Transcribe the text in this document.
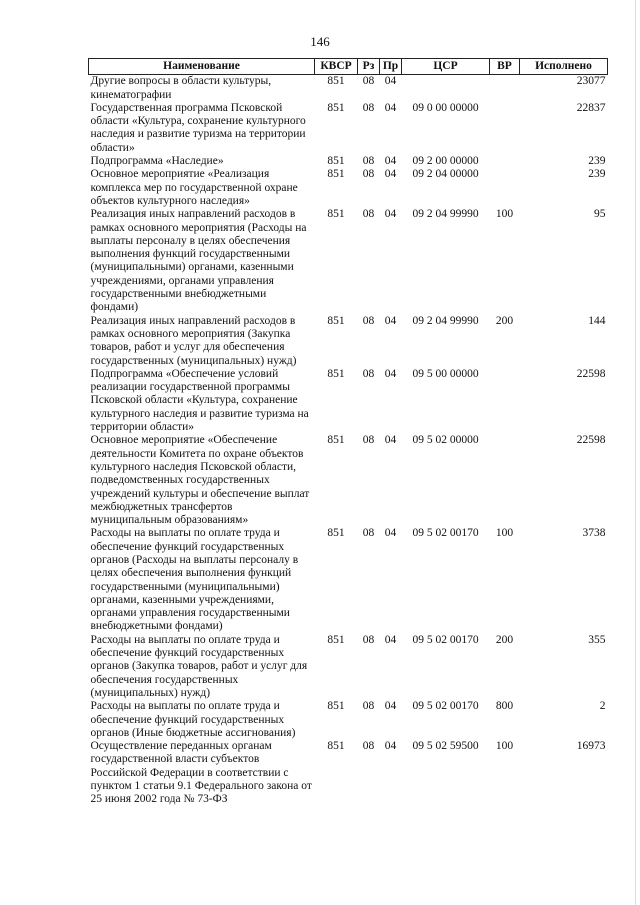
146
Наименование	КВСР	Рз	Пр	ЦСР	ВР	Исполнено
Другие вопросы в области культуры, кинематографии	851	08	04			23077
Государственная программа Псковской области «Культура, сохранение культурного наследия и развитие туризма на территории области»	851	08	04	09 0 00 00000		22837
Подпрограмма «Наследие»	851	08	04	09 2 00 00000		239
Основное мероприятие «Реализация комплекса мер по государственной охране объектов культурного наследия»	851	08	04	09 2 04 00000		239
Реализация иных направлений расходов в рамках основного мероприятия (Расходы на выплаты персоналу в целях обеспечения выполнения функций государственными (муниципальными) органами, казенными учреждениями, органами управления государственными внебюджетными фондами)	851	08	04	09 2 04 99990	100	95
Реализация иных направлений расходов в рамках основного мероприятия (Закупка товаров, работ и услуг для обеспечения государственных (муниципальных) нужд)	851	08	04	09 2 04 99990	200	144
Подпрограмма «Обеспечение условий реализации государственной программы Псковской области «Культура, сохранение культурного наследия и развитие туризма на территории области»	851	08	04	09 5 00 00000		22598
Основное мероприятие «Обеспечение деятельности Комитета по охране объектов культурного наследия Псковской области, подведомственных государственных учреждений культуры и обеспечение выплат межбюджетных трансфертов муниципальным образованиям»	851	08	04	09 5 02 00000		22598
Расходы на выплаты по оплате труда и обеспечение функций государственных органов (Расходы на выплаты персоналу в целях обеспечения выполнения функций государственными (муниципальными) органами, казенными учреждениями, органами управления государственными внебюджетными фондами)	851	08	04	09 5 02 00170	100	3738
Расходы на выплаты по оплате труда и обеспечение функций государственных органов (Закупка товаров, работ и услуг для обеспечения государственных (муниципальных) нужд)	851	08	04	09 5 02 00170	200	355
Расходы на выплаты по оплате труда и обеспечение функций государственных органов (Иные бюджетные ассигнования)	851	08	04	09 5 02 00170	800	2
Осуществление переданных органам государственной власти субъектов Российской Федерации в соответствии с пунктом 1 статьи 9.1 Федерального закона от 25 июня 2002 года № 73-ФЗ	851	08	04	09 5 02 59500	100	16973
